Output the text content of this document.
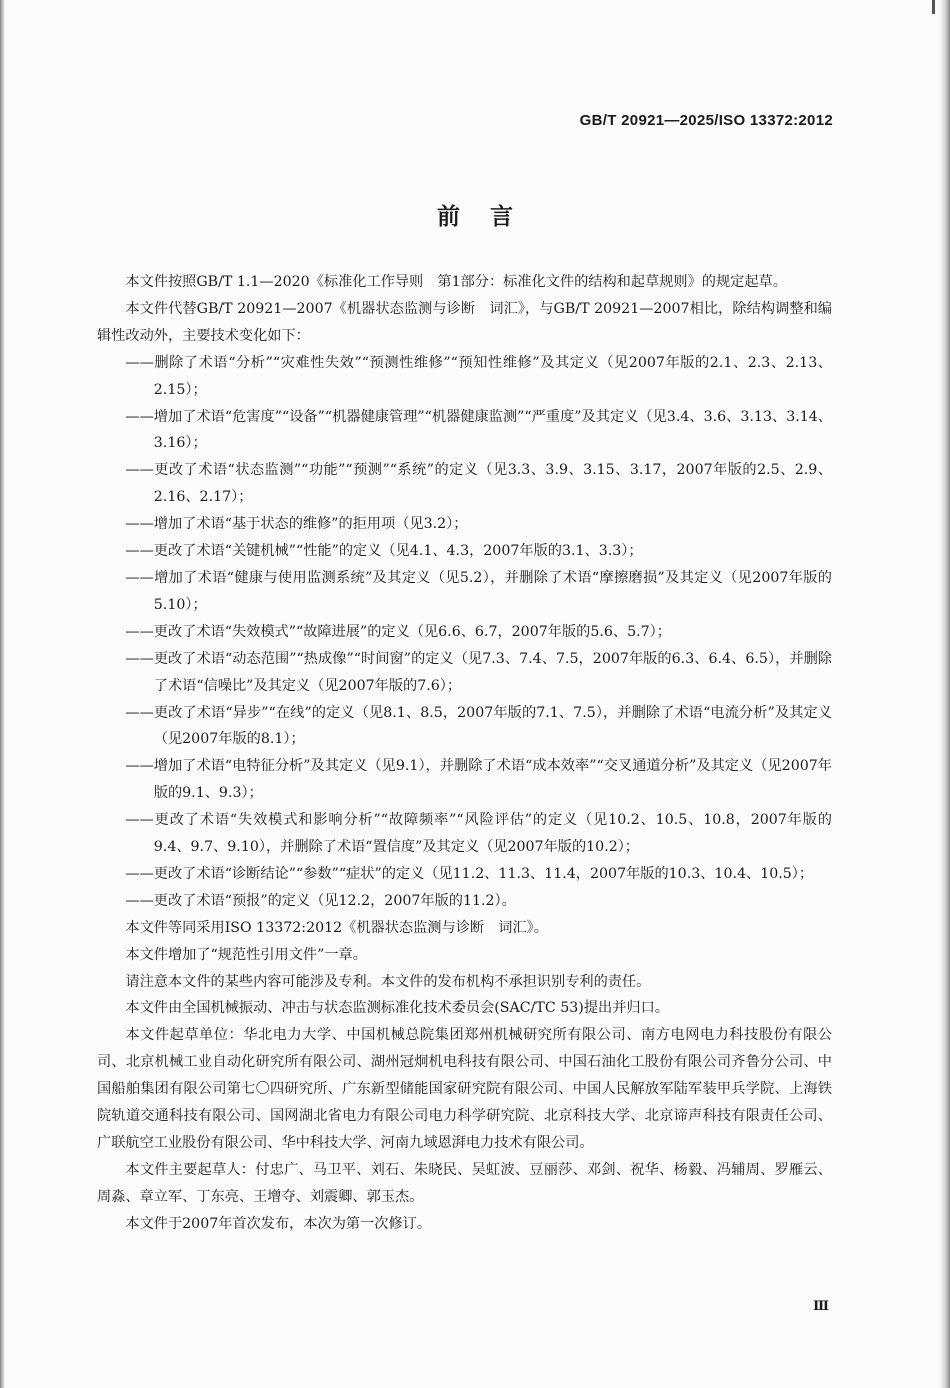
GB/T 20921—2025/ISO 13372:2012
前言

本文件按照GB/T 1.1—2020《标准化工作导则　第1部分：标准化文件的结构和起草规则》的规定起草。

本文件代替GB/T 20921—2007《机器状态监测与诊断　词汇》，与GB/T 20921—2007相比，除结构调整和编辑性改动外，主要技术变化如下：

——删除了术语“分析”“灾难性失效”“预测性维修”“预知性维修”及其定义（见2007年版的2.1、2.3、2.13、2.15）；

——增加了术语“危害度”“设备”“机器健康管理”“机器健康监测”“严重度”及其定义（见3.4、3.6、3.13、3.14、3.16）；

——更改了术语“状态监测”“功能”“预测”“系统”的定义（见3.3、3.9、3.15、3.17，2007年版的2.5、2.9、2.16、2.17）；

——增加了术语“基于状态的维修”的拒用项（见3.2）；

——更改了术语“关键机械”“性能”的定义（见4.1、4.3，2007年版的3.1、3.3）；

——增加了术语“健康与使用监测系统”及其定义（见5.2），并删除了术语“摩擦磨损”及其定义（见2007年版的5.10）；

——更改了术语“失效模式”“故障进展”的定义（见6.6、6.7，2007年版的5.6、5.7）；

——更改了术语“动态范围”“热成像”“时间窗”的定义（见7.3、7.4、7.5，2007年版的6.3、6.4、6.5），并删除了术语“信噪比”及其定义（见2007年版的7.6）；

——更改了术语“异步”“在线”的定义（见8.1、8.5，2007年版的7.1、7.5），并删除了术语“电流分析”及其定义（见2007年版的8.1）；

——增加了术语“电特征分析”及其定义（见9.1），并删除了术语“成本效率”“交叉通道分析”及其定义（见2007年版的9.1、9.3）；

——更改了术语“失效模式和影响分析”“故障频率”“风险评估”的定义（见10.2、10.5、10.8，2007年版的9.4、9.7、9.10），并删除了术语“置信度”及其定义（见2007年版的10.2）；

——更改了术语“诊断结论”“参数”“症状”的定义（见11.2、11.3、11.4，2007年版的10.3、10.4、10.5）；

——更改了术语“预报”的定义（见12.2，2007年版的11.2）。

本文件等同采用ISO 13372:2012《机器状态监测与诊断　词汇》。

本文件增加了“规范性引用文件”一章。

请注意本文件的某些内容可能涉及专利。本文件的发布机构不承担识别专利的责任。

本文件由全国机械振动、冲击与状态监测标准化技术委员会(SAC/TC 53)提出并归口。

本文件起草单位：华北电力大学、中国机械总院集团郑州机械研究所有限公司、南方电网电力科技股份有限公司、北京机械工业自动化研究所有限公司、湖州冠炯机电科技有限公司、中国石油化工股份有限公司齐鲁分公司、中国船舶集团有限公司第七〇四研究所、广东新型储能国家研究院有限公司、中国人民解放军陆军装甲兵学院、上海铁院轨道交通科技有限公司、国网湖北省电力有限公司电力科学研究院、北京科技大学、北京谛声科技有限责任公司、广联航空工业股份有限公司、华中科技大学、河南九域恩湃电力技术有限公司。

本文件主要起草人：付忠广、马卫平、刘石、朱晓民、吴虹波、豆丽莎、邓剑、祝华、杨毅、冯辅周、罗雁云、周淼、章立军、丁东亮、王增夺、刘震卿、郭玉杰。

本文件于2007年首次发布，本次为第一次修订。

Ⅲ
